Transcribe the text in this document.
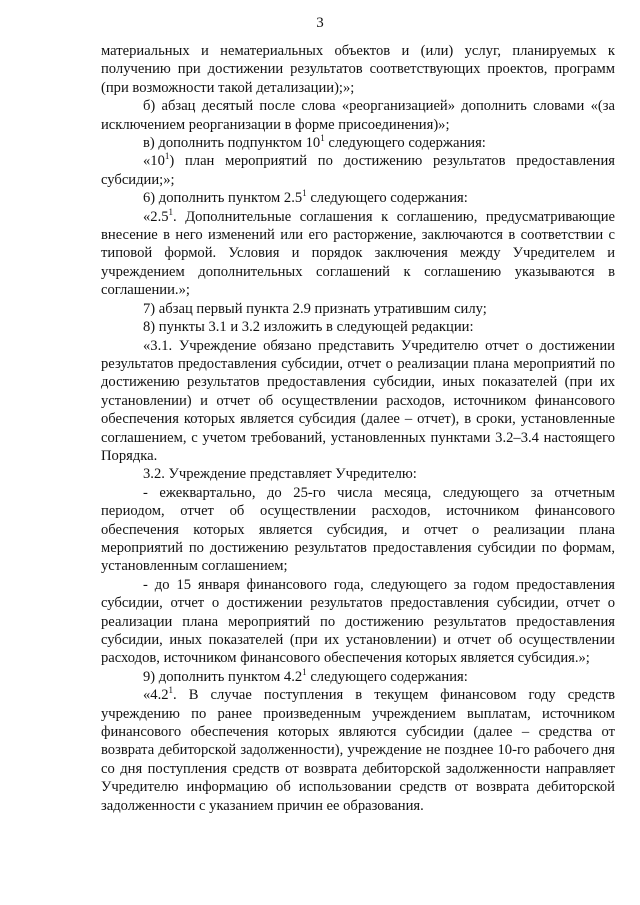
3

материальных и нематериальных объектов и (или) услуг, планируемых к получению при достижении результатов соответствующих проектов, программ (при возможности такой детализации);»;

б) абзац десятый после слова «реорганизацией» дополнить словами «(за исключением реорганизации в форме присоединения)»;

в) дополнить подпунктом $10^1$ следующего содержания:

«$10^1$) план мероприятий по достижению результатов предоставления субсидии;»;

6) дополнить пунктом $2.5^1$ следующего содержания:

«$2.5^1$. Дополнительные соглашения к соглашению, предусматривающие внесение в него изменений или его расторжение, заключаются в соответствии с типовой формой. Условия и порядок заключения между Учредителем и учреждением дополнительных соглашений к соглашению указываются в соглашении.»;

7) абзац первый пункта 2.9 признать утратившим силу;

8) пункты 3.1 и 3.2 изложить в следующей редакции:

«3.1. Учреждение обязано представить Учредителю отчет о достижении результатов предоставления субсидии, отчет о реализации плана мероприятий по достижению результатов предоставления субсидии, иных показателей (при их установлении) и отчет об осуществлении расходов, источником финансового обеспечения которых является субсидия (далее – отчет), в сроки, установленные соглашением, с учетом требований, установленных пунктами 3.2–3.4 настоящего Порядка.

3.2. Учреждение представляет Учредителю:

- ежеквартально, до 25-го числа месяца, следующего за отчетным периодом, отчет об осуществлении расходов, источником финансового обеспечения которых является субсидия, и отчет о реализации плана мероприятий по достижению результатов предоставления субсидии по формам, установленным соглашением;

- до 15 января финансового года, следующего за годом предоставления субсидии, отчет о достижении результатов предоставления субсидии, отчет о реализации плана мероприятий по достижению результатов предоставления субсидии, иных показателей (при их установлении) и отчет об осуществлении расходов, источником финансового обеспечения которых является субсидия.»;

9) дополнить пунктом $4.2^1$ следующего содержания:

«$4.2^1$. В случае поступления в текущем финансовом году средств учреждению по ранее произведенным учреждением выплатам, источником финансового обеспечения которых являются субсидии (далее – средства от возврата дебиторской задолженности), учреждение не позднее 10-го рабочего дня со дня поступления средств от возврата дебиторской задолженности направляет Учредителю информацию об использовании средств от возврата дебиторской задолженности с указанием причин ее образования.
